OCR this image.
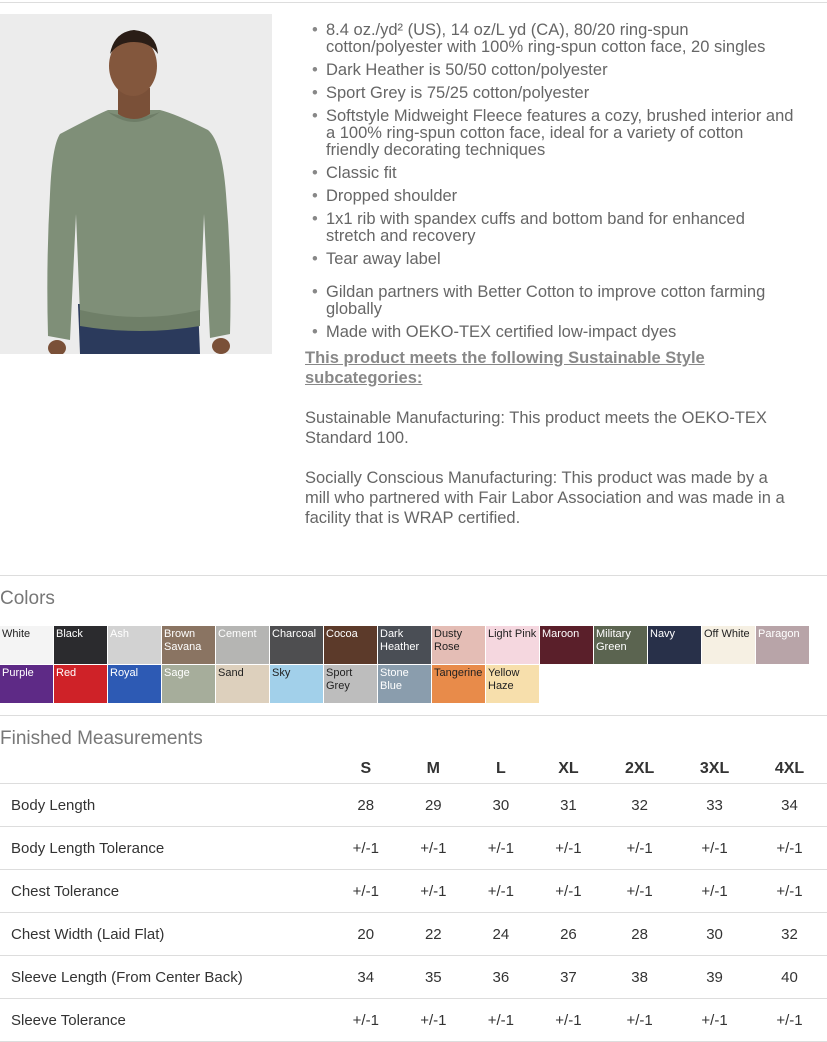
• 8.4 oz./yd² (US), 14 oz/L yd (CA), 80/20 ring-spun cotton/polyester with 100% ring-spun cotton face, 20 singles
• Dark Heather is 50/50 cotton/polyester
• Sport Grey is 75/25 cotton/polyester
• Softstyle Midweight Fleece features a cozy, brushed interior and a 100% ring-spun cotton face, ideal for a variety of cotton friendly decorating techniques
• Classic fit
• Dropped shoulder
• 1x1 rib with spandex cuffs and bottom band for enhanced stretch and recovery
• Tear away label
• Gildan partners with Better Cotton to improve cotton farming globally
• Made with OEKO-TEX certified low-impact dyes
This product meets the following Sustainable Style subcategories:
Sustainable Manufacturing: This product meets the OEKO-TEX Standard 100.
Socially Conscious Manufacturing: This product was made by a mill who partnered with Fair Labor Association and was made in a facility that is WRAP certified.
Colors
White	Black	Ash	Brown Savana
Cement	Charcoal Cocoa	Dark Heather
Dusty Rose
Light Pink Maroon	Military Green
Navy	Off White Paragon
Purple	Red	Royal	Sage	Sand	Sky	Sport Grey
Stone Blue
Tangerine Yellow Haze
Finished Measurements
	S	M	L	XL	2XL	3XL	4XL
Body Length	28	29	30	31	32	33	34
Body Length Tolerance	+/-1	+/-1	+/-1	+/-1	+/-1	+/-1	+/-1
Chest Tolerance	+/-1	+/-1	+/-1	+/-1	+/-1	+/-1	+/-1
Chest Width (Laid Flat)	20	22	24	26	28	30	32
Sleeve Length (From Center Back)	34	35	36	37	38	39	40
Sleeve Tolerance	+/-1	+/-1	+/-1	+/-1	+/-1	+/-1	+/-1
